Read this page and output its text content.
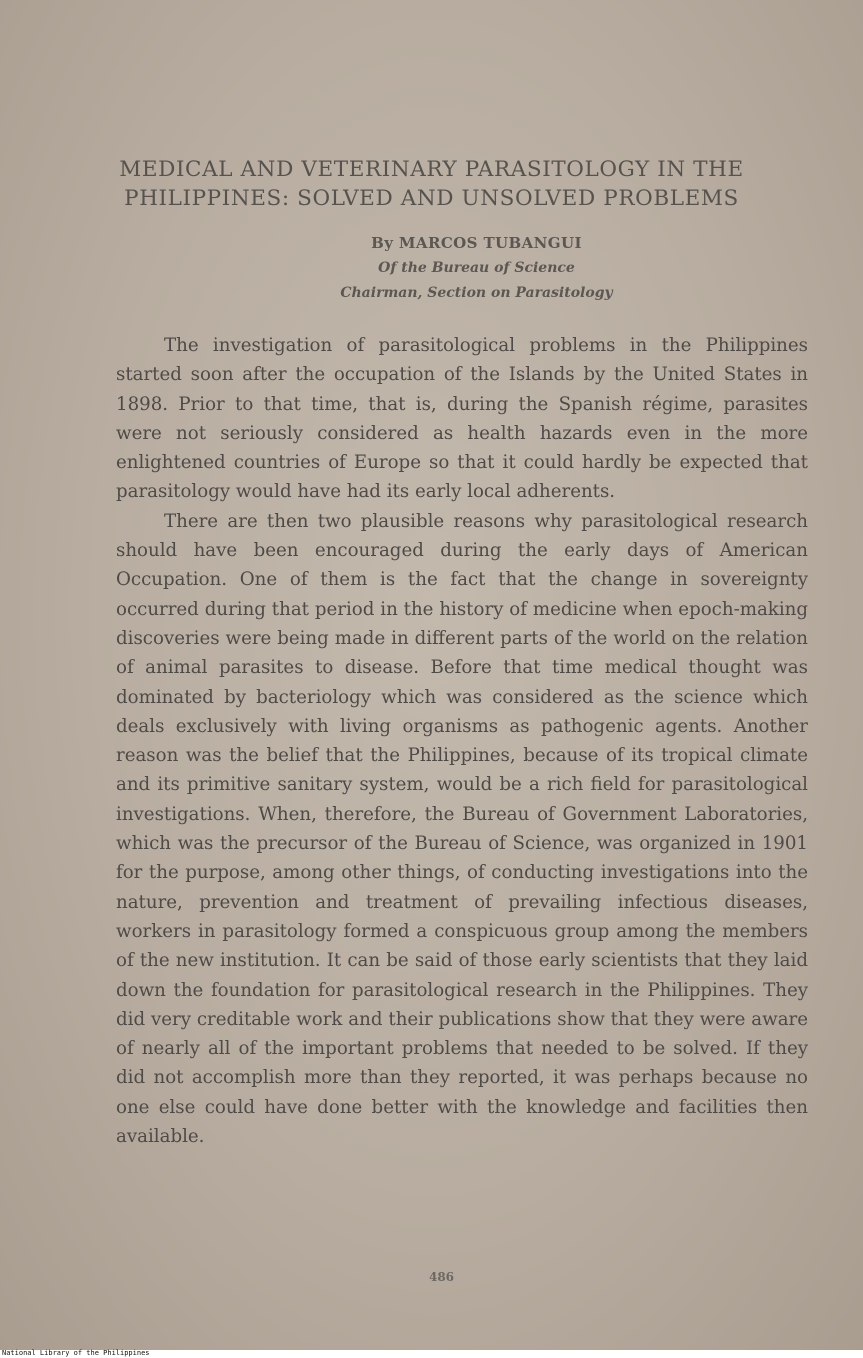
MEDICAL AND VETERINARY PARASITOLOGY IN THE
PHILIPPINES: SOLVED AND UNSOLVED PROBLEMS
By MARCOS TUBANGUI
Of the Bureau of Science
Chairman, Section on Parasitology

The investigation of parasitological problems in the Philippines started soon after the occupation of the Islands by the United States in 1898. Prior to that time, that is, during the Spanish régime, parasites were not seriously considered as health hazards even in the more enlightened countries of Europe so that it could hardly be expected that parasitology would have had its early local adherents.

There are then two plausible reasons why parasitological research should have been encouraged during the early days of American Occupation. One of them is the fact that the change in sovereignty occurred during that period in the history of medicine when epoch-making discoveries were being made in different parts of the world on the relation of animal parasites to disease. Before that time medical thought was dominated by bacteriology which was considered as the science which deals exclusively with living organisms as pathogenic agents. Another reason was the belief that the Philippines, because of its tropical climate and its primitive sanitary system, would be a rich field for parasitological investigations. When, therefore, the Bureau of Government Laboratories, which was the precursor of the Bureau of Science, was organized in 1901 for the purpose, among other things, of conducting investigations into the nature, prevention and treatment of prevailing infectious diseases, workers in parasitology formed a conspicuous group among the members of the new institution. It can be said of those early scientists that they laid down the foundation for parasitological research in the Philippines. They did very creditable work and their publications show that they were aware of nearly all of the important problems that needed to be solved. If they did not accomplish more than they reported, it was perhaps because no one else could have done better with the knowledge and facilities then available.

486
National Library of the Philippines
